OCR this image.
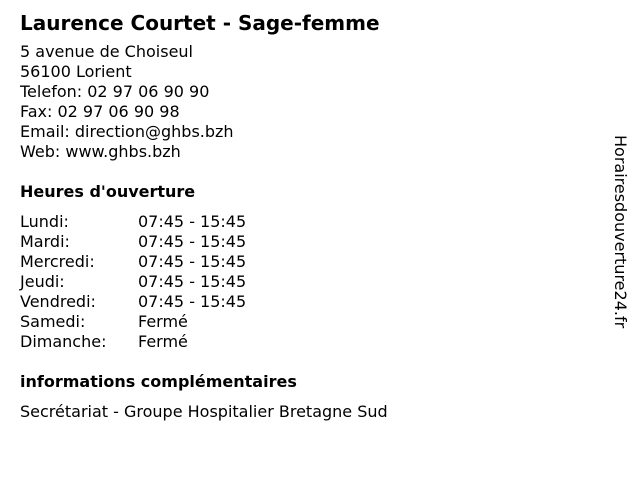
Laurence Courtet - Sage-femme
5 avenue de Choiseul
56100 Lorient
Telefon: 02 97 06 90 90
Fax: 02 97 06 90 98
Email: direction@ghbs.bzh
Web: www.ghbs.bzh
Heures d'ouverture
Lundi:	07:45 - 15:45
Mardi:	07:45 - 15:45
Mercredi:	07:45 - 15:45
Jeudi:	07:45 - 15:45
Vendredi:	07:45 - 15:45
Samedi:	Fermé
Dimanche:	Fermé
informations complémentaires
Secrétariat - Groupe Hospitalier Bretagne Sud
Horairesdouverture24.fr
